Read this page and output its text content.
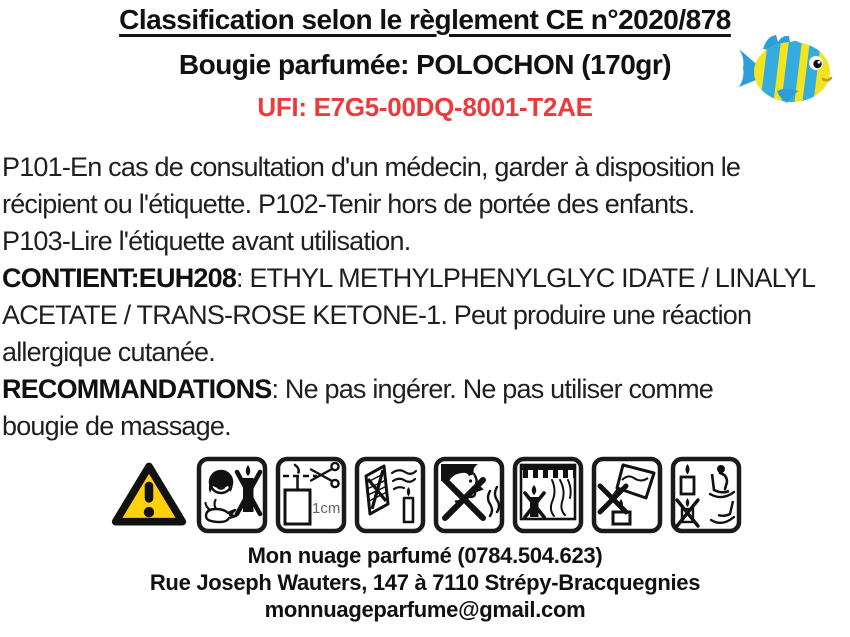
Classification selon le règlement CE n°2020/878
Bougie parfumée: POLOCHON (170gr)
UFI: E7G5-00DQ-8001-T2AE
P101-En cas de consultation d'un médecin, garder à disposition le
récipient ou l'étiquette. P102-Tenir hors de portée des enfants.
P103-Lire l'étiquette avant utilisation.
CONTIENT:EUH208: ETHYL METHYLPHENYLGLYC IDATE / LINALYL
ACETATE / TRANS-ROSE KETONE-1. Peut produire une réaction
allergique cutanée.
RECOMMANDATIONS: Ne pas ingérer. Ne pas utiliser comme
bougie de massage.
1cm
Mon nuage parfumé (0784.504.623)
Rue Joseph Wauters, 147 à 7110 Strépy-Bracquegnies
monnuageparfume@gmail.com
